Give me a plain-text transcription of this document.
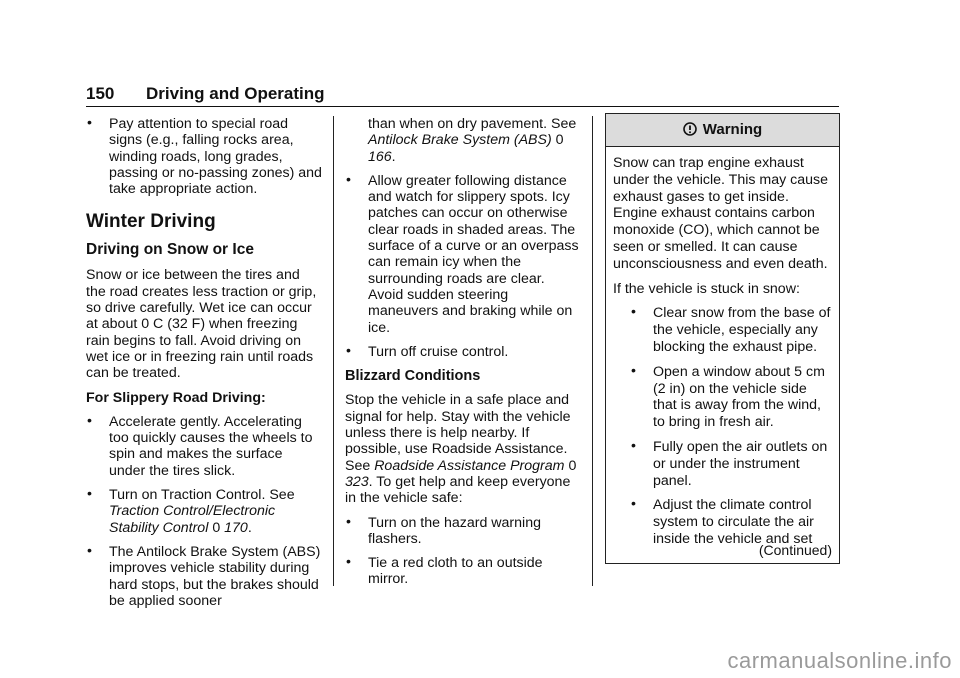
150 Driving and Operating
• Pay attention to special road signs (e.g., falling rocks area, winding roads, long grades, passing or no-passing zones) and take appropriate action.
Winter Driving
Driving on Snow or Ice

Snow or ice between the tires and the road creates less traction or grip, so drive carefully. Wet ice can occur at about 0 C (32 F) when freezing rain begins to fall. Avoid driving on wet ice or in freezing rain until roads can be treated.

For Slippery Road Driving:

• Accelerate gently. Accelerating too quickly causes the wheels to spin and makes the surface under the tires slick.
• Turn on Traction Control. See Traction Control/Electronic Stability Control 0 170.
• The Antilock Brake System (ABS) improves vehicle stability during hard stops, but the brakes should be applied sooner

than when on dry pavement. See Antilock Brake System (ABS) 0 166.

• Allow greater following distance and watch for slippery spots. Icy patches can occur on otherwise clear roads in shaded areas. The surface of a curve or an overpass can remain icy when the surrounding roads are clear. Avoid sudden steering maneuvers and braking while on ice.
• Turn off cruise control.
Blizzard Conditions

Stop the vehicle in a safe place and signal for help. Stay with the vehicle unless there is help nearby. If possible, use Roadside Assistance. See Roadside Assistance Program 0 323. To get help and keep everyone in the vehicle safe:

• Turn on the hazard warning flashers.
• Tie a red cloth to an outside mirror.
Warning

Snow can trap engine exhaust under the vehicle. This may cause exhaust gases to get inside. Engine exhaust contains carbon monoxide (CO), which cannot be seen or smelled. It can cause unconsciousness and even death.

If the vehicle is stuck in snow:

• Clear snow from the base of the vehicle, especially any blocking the exhaust pipe.
• Open a window about 5 cm (2 in) on the vehicle side that is away from the wind, to bring in fresh air.
• Fully open the air outlets on or under the instrument panel.
• Adjust the climate control system to circulate the air inside the vehicle and set
(Continued)
carmanualsonline.info
